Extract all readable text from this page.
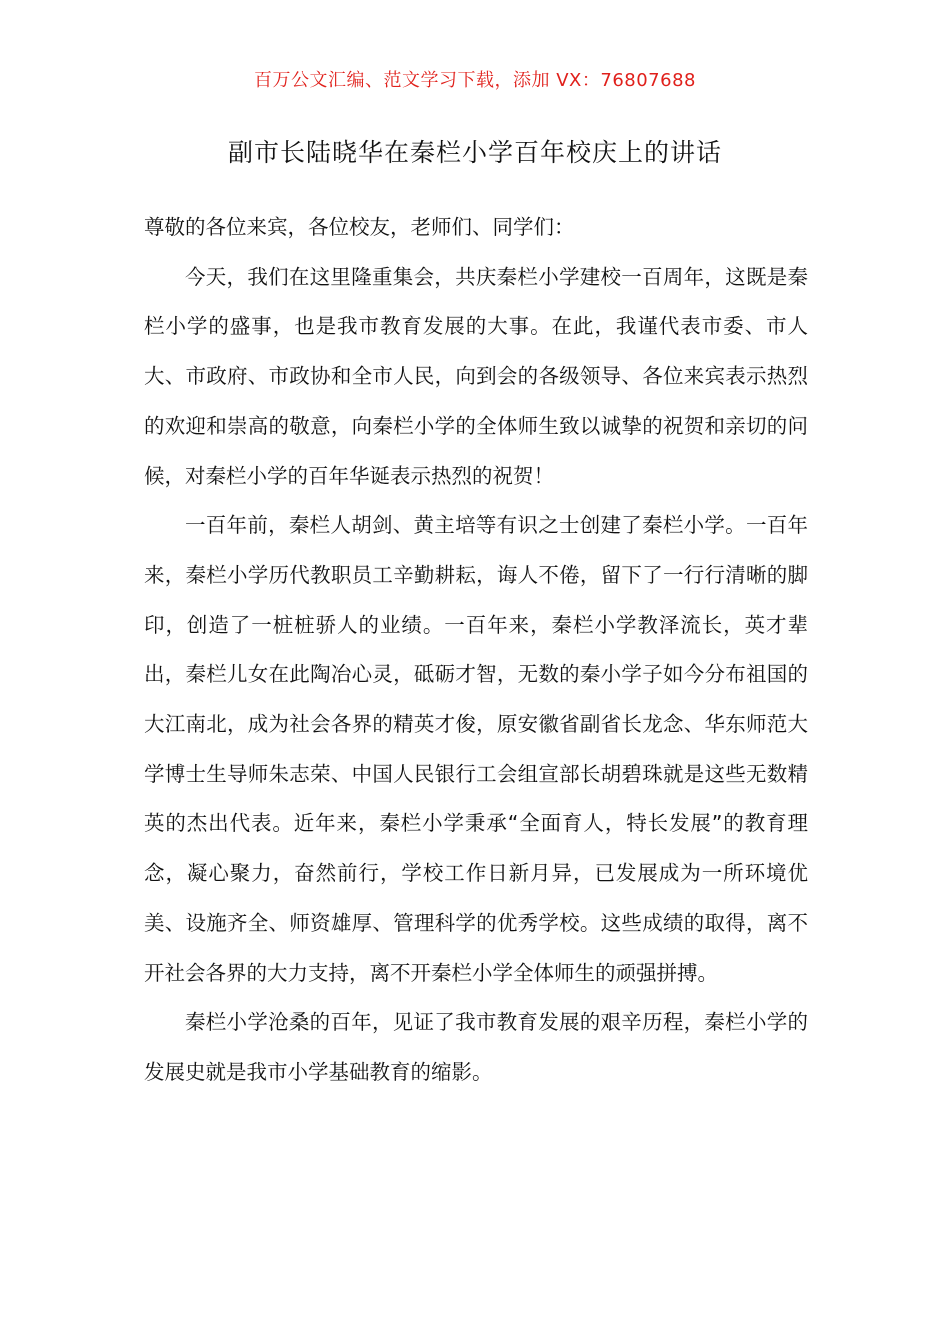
百万公文汇编、范文学习下载，添加 VX：76807688
副市长陆晓华在秦栏小学百年校庆上的讲话

尊敬的各位来宾，各位校友，老师们、同学们：

今天，我们在这里隆重集会，共庆秦栏小学建校一百周年，这既是秦栏小学的盛事，也是我市教育发展的大事。在此，我谨代表市委、市人大、市政府、市政协和全市人民，向到会的各级领导、各位来宾表示热烈的欢迎和崇高的敬意，向秦栏小学的全体师生致以诚挚的祝贺和亲切的问候，对秦栏小学的百年华诞表示热烈的祝贺！

一百年前，秦栏人胡剑、黄主培等有识之士创建了秦栏小学。一百年来，秦栏小学历代教职员工辛勤耕耘，诲人不倦，留下了一行行清晰的脚印，创造了一桩桩骄人的业绩。一百年来，秦栏小学教泽流长，英才辈出，秦栏儿女在此陶冶心灵，砥砺才智，无数的秦小学子如今分布祖国的大江南北，成为社会各界的精英才俊，原安徽省副省长龙念、华东师范大学博士生导师朱志荣、中国人民银行工会组宣部长胡碧珠就是这些无数精英的杰出代表。近年来，秦栏小学秉承“全面育人，特长发展”的教育理念，凝心聚力，奋然前行，学校工作日新月异，已发展成为一所环境优美、设施齐全、师资雄厚、管理科学的优秀学校。这些成绩的取得，离不开社会各界的大力支持，离不开秦栏小学全体师生的顽强拼搏。

秦栏小学沧桑的百年，见证了我市教育发展的艰辛历程，秦栏小学的发展史就是我市小学基础教育的缩影。
